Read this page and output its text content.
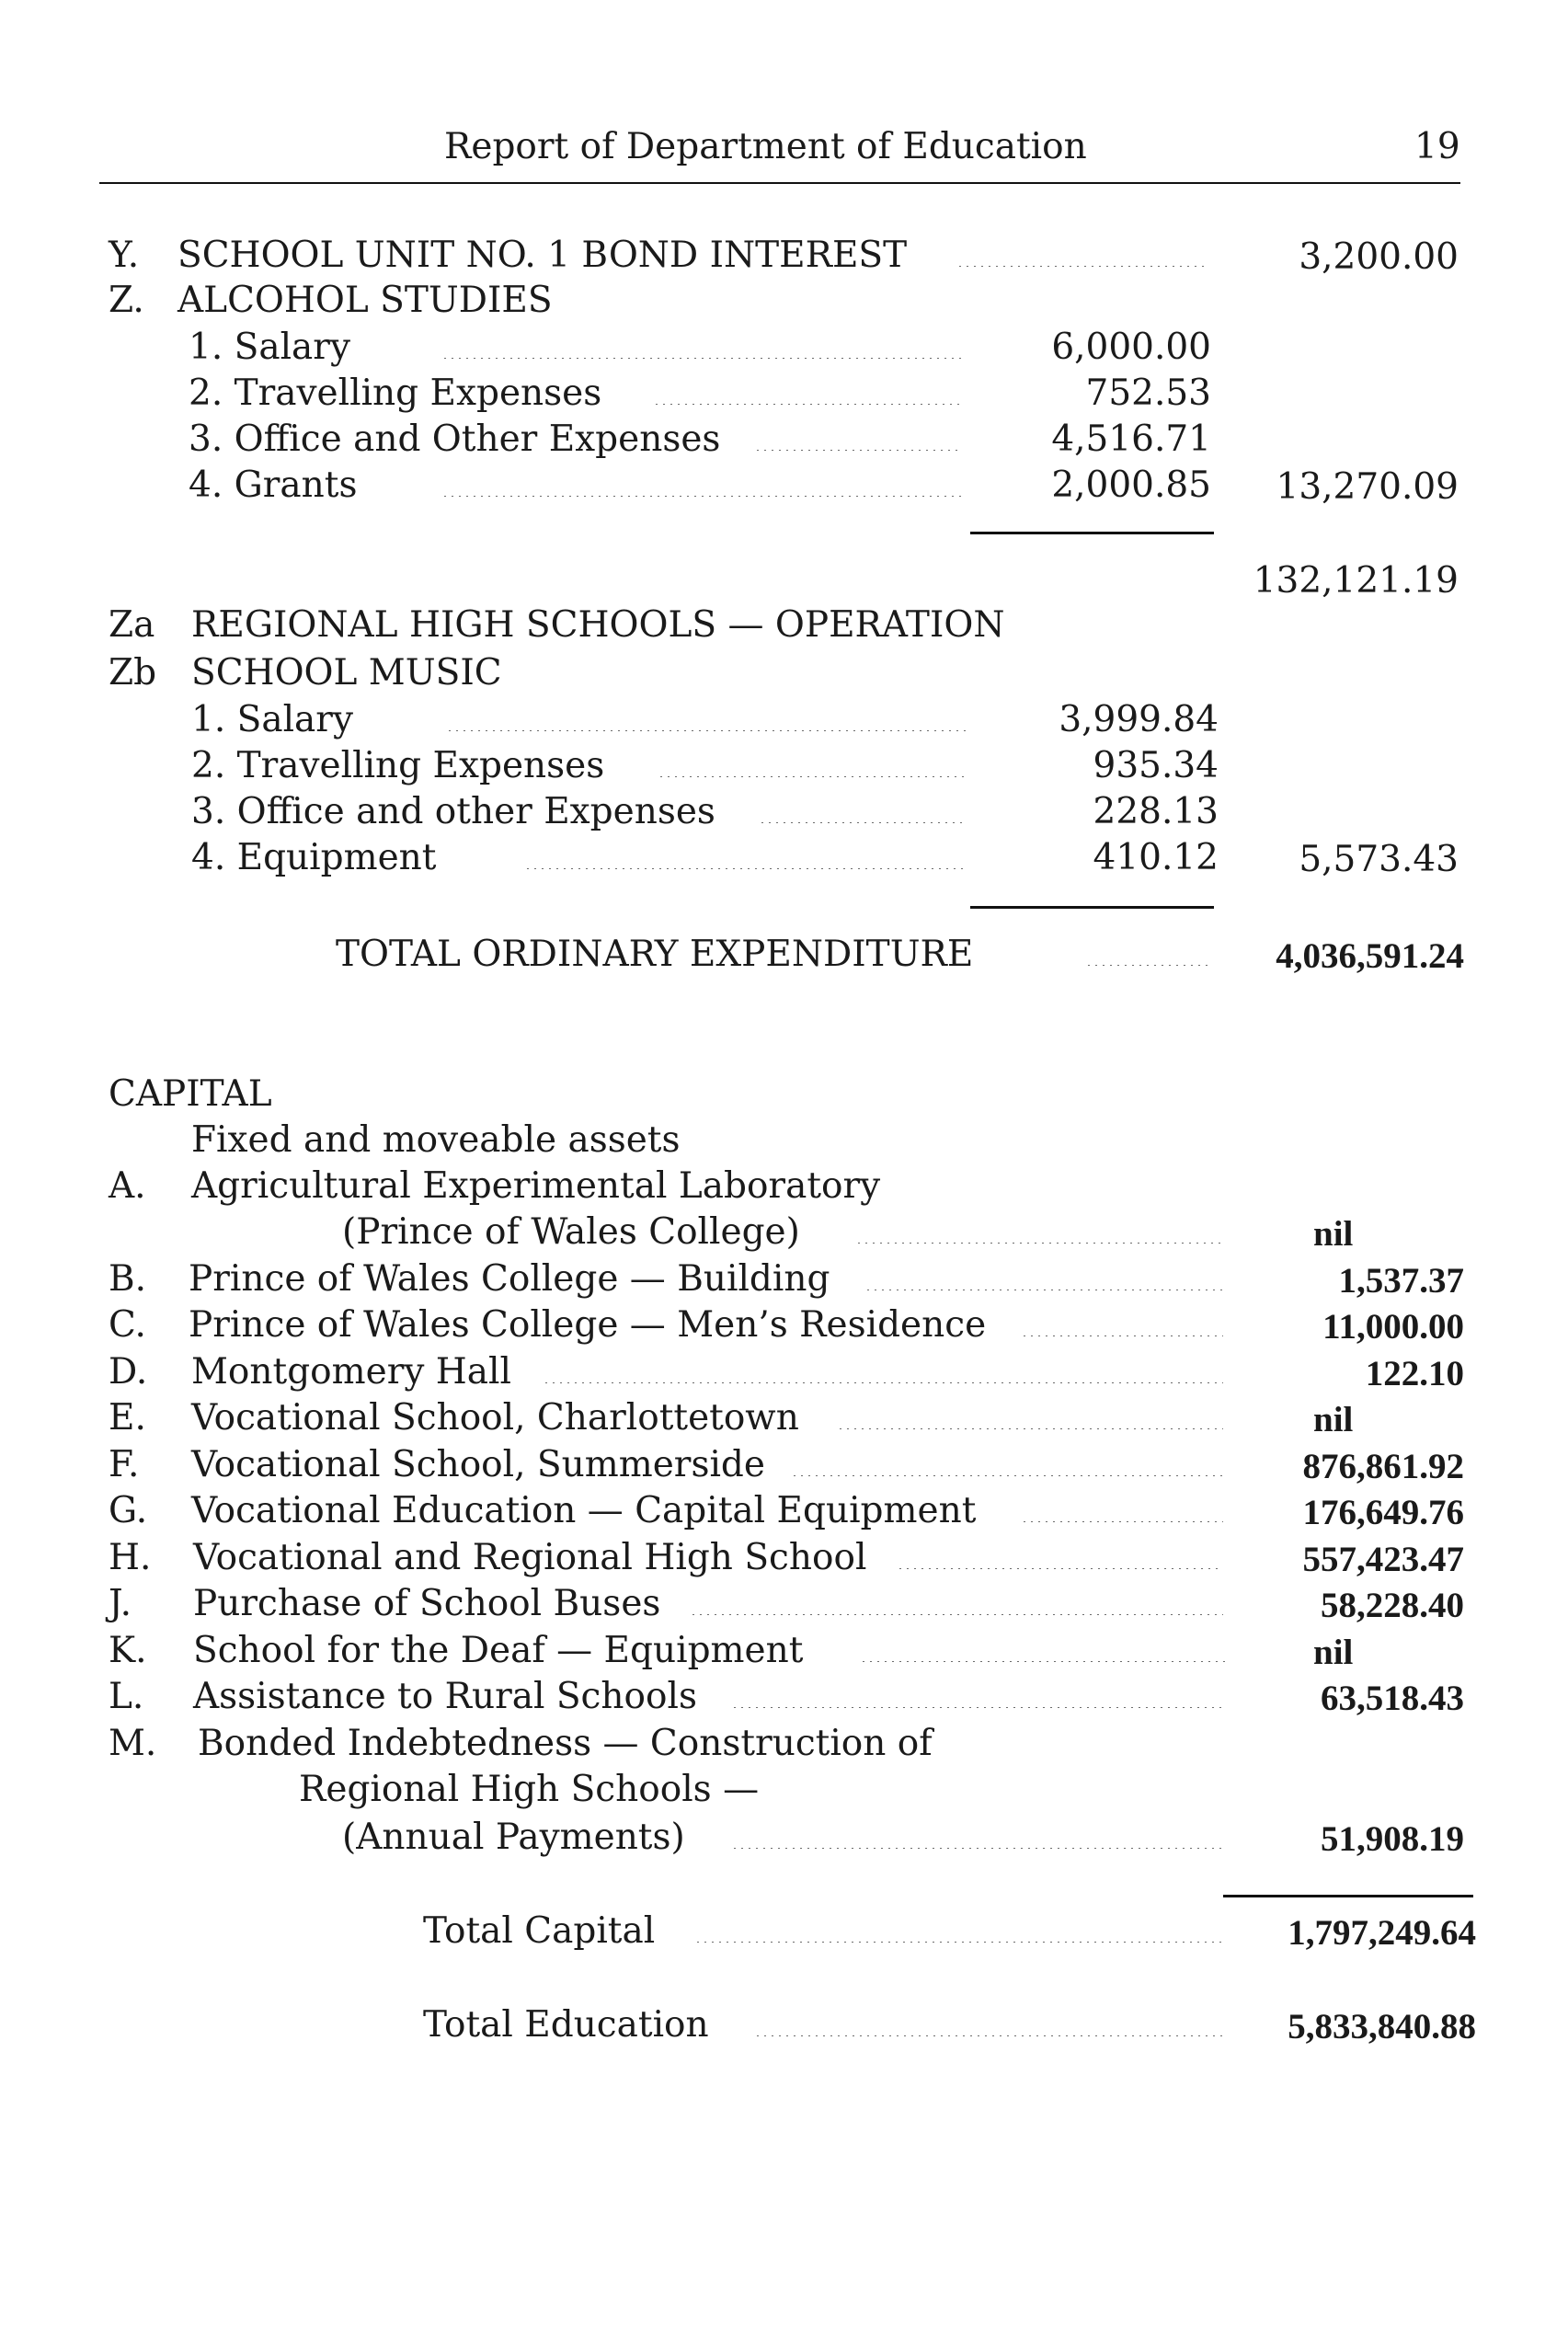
Report of Department of Education	19
Y. SCHOOL UNIT NO. 1 BOND INTEREST	3,200.00
Z. ALCOHOL STUDIES
1. Salary	6,000.00
2. Travelling Expenses	752.53
3. Office and Other Expenses	4,516.71
4. Grants	2,000.85 13,270.09
132,121.19
Za REGIONAL HIGH SCHOOLS — OPERATION
Zb SCHOOL MUSIC
1. Salary	3,999.84
2. Travelling Expenses	935.34
3. Office and other Expenses	228.13
4. Equipment	410.12 5,573.43
TOTAL ORDINARY EXPENDITURE	4,036,591.24
CAPITAL
Fixed and moveable assets
A. Agricultural Experimental Laboratory
(Prince of Wales College)	nil
B. Prince of Wales College — Building	1,537.37
C. Prince of Wales College — Men’s Residence	11,000.00
D. Montgomery Hall	122.10
E. Vocational School, Charlottetown	nil
F. Vocational School, Summerside	876,861.92
G. Vocational Education — Capital Equipment	176,649.76
H. Vocational and Regional High School	557,423.47
J. Purchase of School Buses	58,228.40
K. School for the Deaf — Equipment	nil
L. Assistance to Rural Schools	63,518.43
M. Bonded Indebtedness — Construction of
Regional High Schools —
(Annual Payments)	51,908.19
Total Capital	1,797,249.64
Total Education	5,833,840.88
